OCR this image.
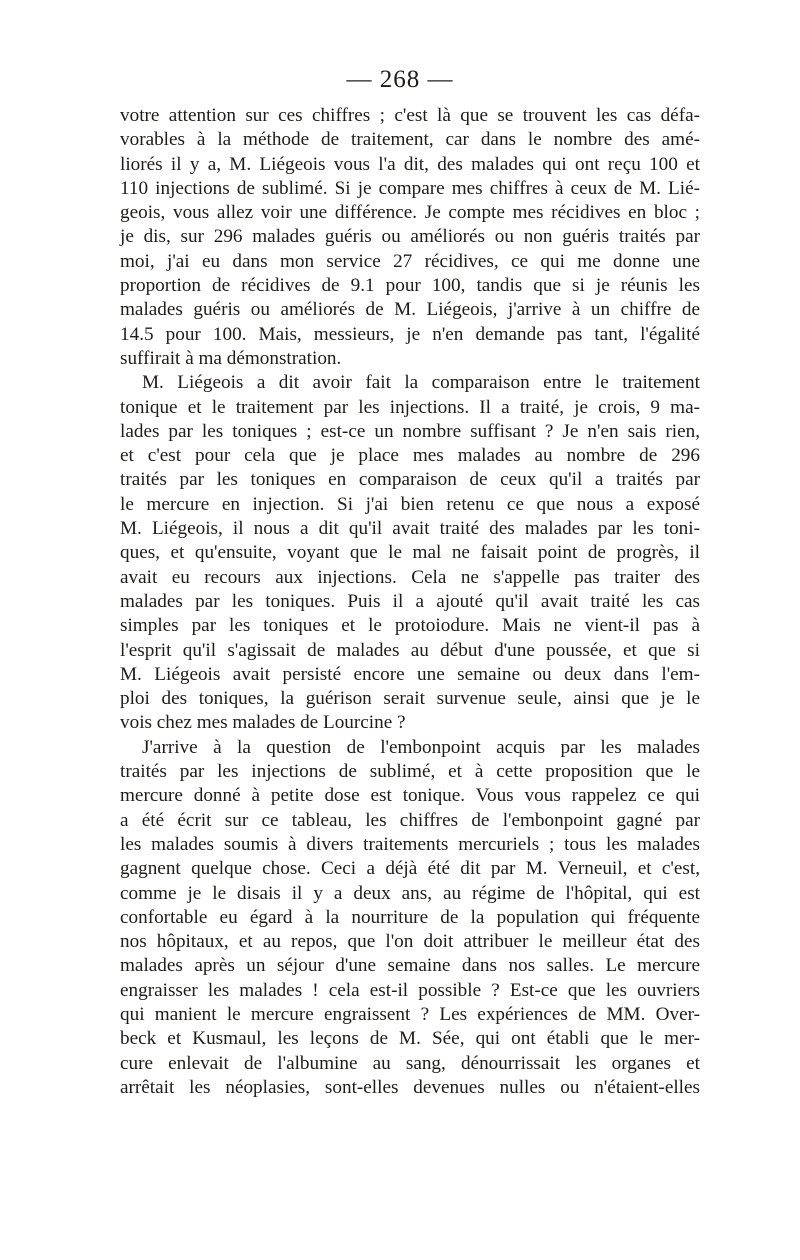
— 268 —
votre attention sur ces chiffres ; c'est là que se trouvent les cas défa-
vorables à la méthode de traitement, car dans le nombre des amé-
liorés il y a, M. Liégeois vous l'a dit, des malades qui ont reçu 100 et
110 injections de sublimé. Si je compare mes chiffres à ceux de M. Lié-
geois, vous allez voir une différence. Je compte mes récidives en bloc ;
je dis, sur 296 malades guéris ou améliorés ou non guéris traités par
moi, j'ai eu dans mon service 27 récidives, ce qui me donne une
proportion de récidives de 9.1 pour 100, tandis que si je réunis les
malades guéris ou améliorés de M. Liégeois, j'arrive à un chiffre de
14.5 pour 100. Mais, messieurs, je n'en demande pas tant, l'égalité
suffirait à ma démonstration.
M. Liégeois a dit avoir fait la comparaison entre le traitement
tonique et le traitement par les injections. Il a traité, je crois, 9 ma-
lades par les toniques ; est-ce un nombre suffisant ? Je n'en sais rien,
et c'est pour cela que je place mes malades au nombre de 296
traités par les toniques en comparaison de ceux qu'il a traités par
le mercure en injection. Si j'ai bien retenu ce que nous a exposé
M. Liégeois, il nous a dit qu'il avait traité des malades par les toni-
ques, et qu'ensuite, voyant que le mal ne faisait point de progrès, il
avait eu recours aux injections. Cela ne s'appelle pas traiter des
malades par les toniques. Puis il a ajouté qu'il avait traité les cas
simples par les toniques et le protoiodure. Mais ne vient-il pas à
l'esprit qu'il s'agissait de malades au début d'une poussée, et que si
M. Liégeois avait persisté encore une semaine ou deux dans l'em-
ploi des toniques, la guérison serait survenue seule, ainsi que je le
vois chez mes malades de Lourcine ?
J'arrive à la question de l'embonpoint acquis par les malades
traités par les injections de sublimé, et à cette proposition que le
mercure donné à petite dose est tonique. Vous vous rappelez ce qui
a été écrit sur ce tableau, les chiffres de l'embonpoint gagné par
les malades soumis à divers traitements mercuriels ; tous les malades
gagnent quelque chose. Ceci a déjà été dit par M. Verneuil, et c'est,
comme je le disais il y a deux ans, au régime de l'hôpital, qui est
confortable eu égard à la nourriture de la population qui fréquente
nos hôpitaux, et au repos, que l'on doit attribuer le meilleur état des
malades après un séjour d'une semaine dans nos salles. Le mercure
engraisser les malades ! cela est-il possible ? Est-ce que les ouvriers
qui manient le mercure engraissent ? Les expériences de MM. Over-
beck et Kusmaul, les leçons de M. Sée, qui ont établi que le mer-
cure enlevait de l'albumine au sang, dénourrissait les organes et
arrêtait les néoplasies, sont-elles devenues nulles ou n'étaient-elles
